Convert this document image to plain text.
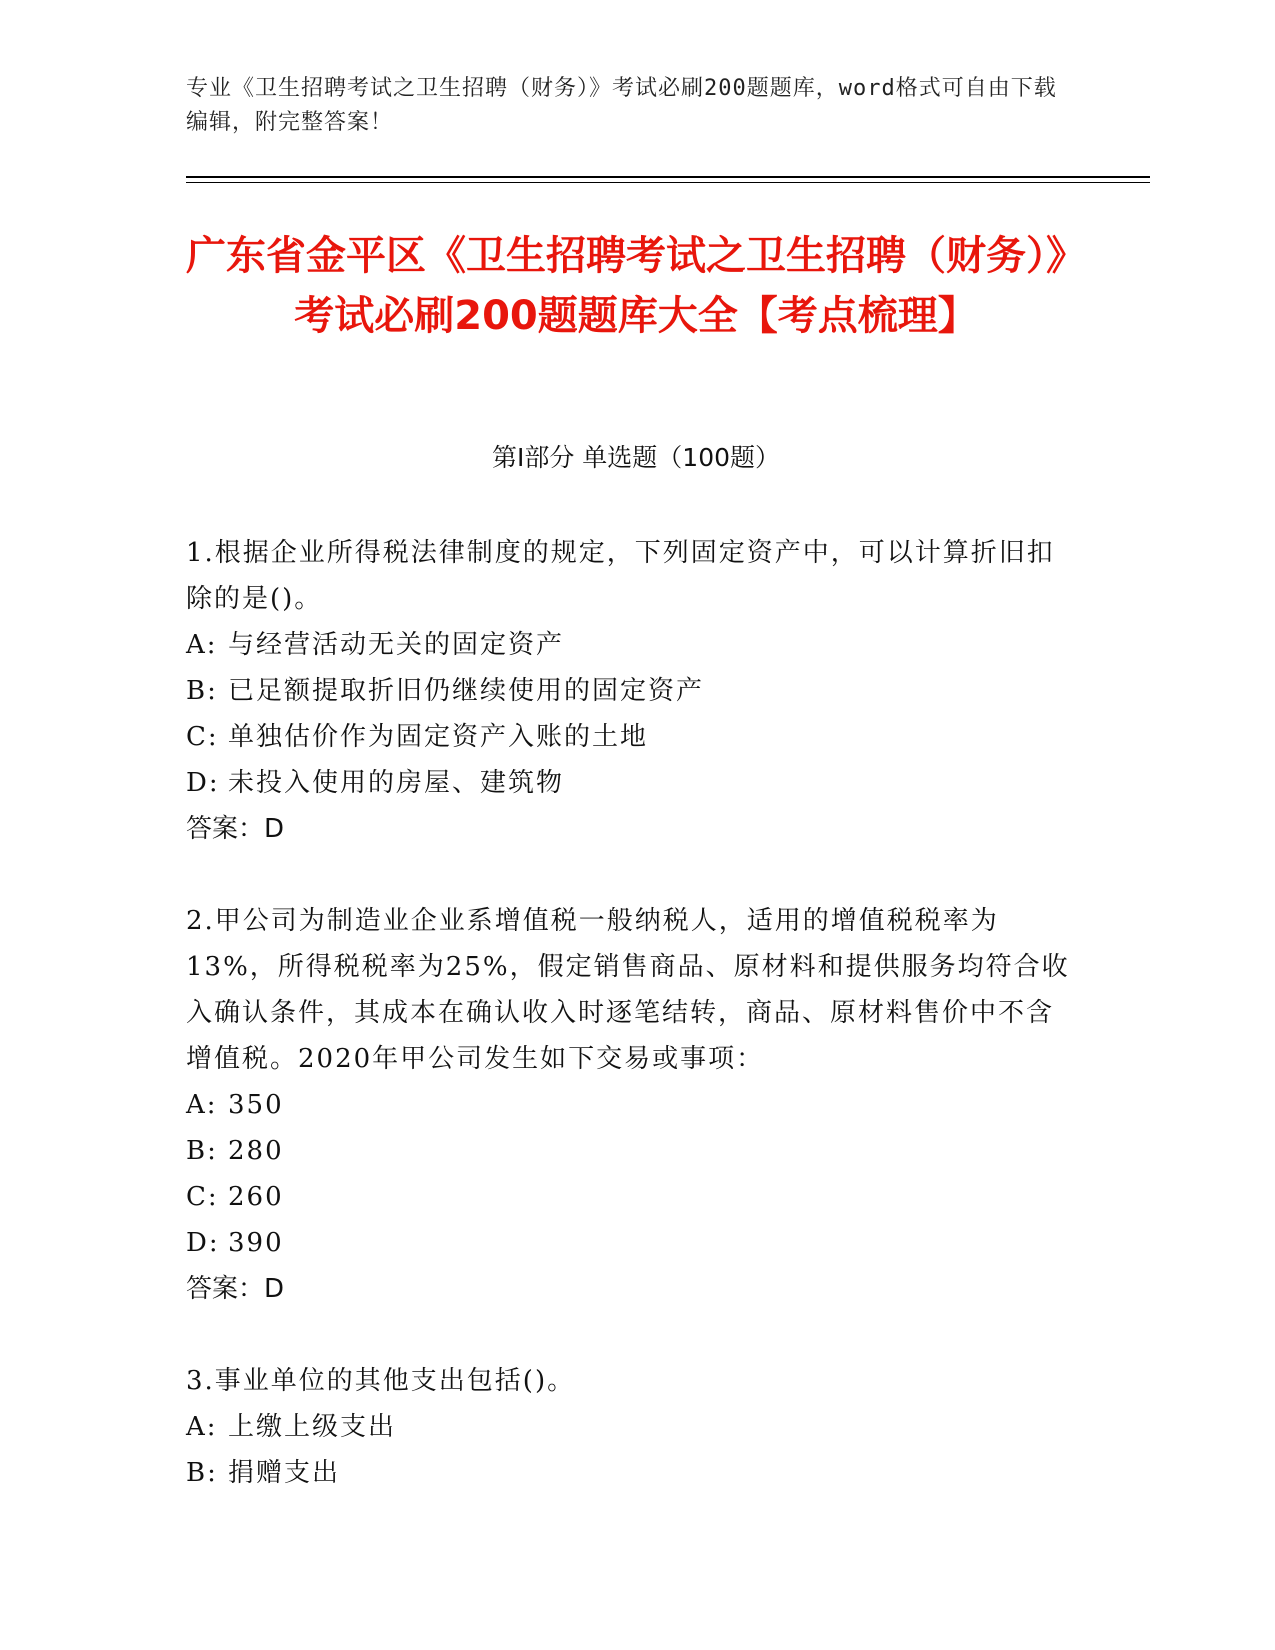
专业《卫生招聘考试之卫生招聘（财务）》考试必刷200题题库，word格式可自由下载编辑，附完整答案！
广东省金平区《卫生招聘考试之卫生招聘（财务）》考试必刷200题题库大全【考点梳理】
第I部分 单选题（100题）

1.根据企业所得税法律制度的规定，下列固定资产中，可以计算折旧扣除的是()。

A: 与经营活动无关的固定资产

B: 已足额提取折旧仍继续使用的固定资产

C: 单独估价作为固定资产入账的土地

D: 未投入使用的房屋、建筑物

答案：D

2.甲公司为制造业企业系增值税一般纳税人，适用的增值税税率为13%，所得税税率为25%，假定销售商品、原材料和提供服务均符合收入确认条件，其成本在确认收入时逐笔结转，商品、原材料售价中不含增值税。2020年甲公司发生如下交易或事项：

A: 350

B: 280

C: 260

D: 390

答案：D

3.事业单位的其他支出包括()。

A: 上缴上级支出

B: 捐赠支出
